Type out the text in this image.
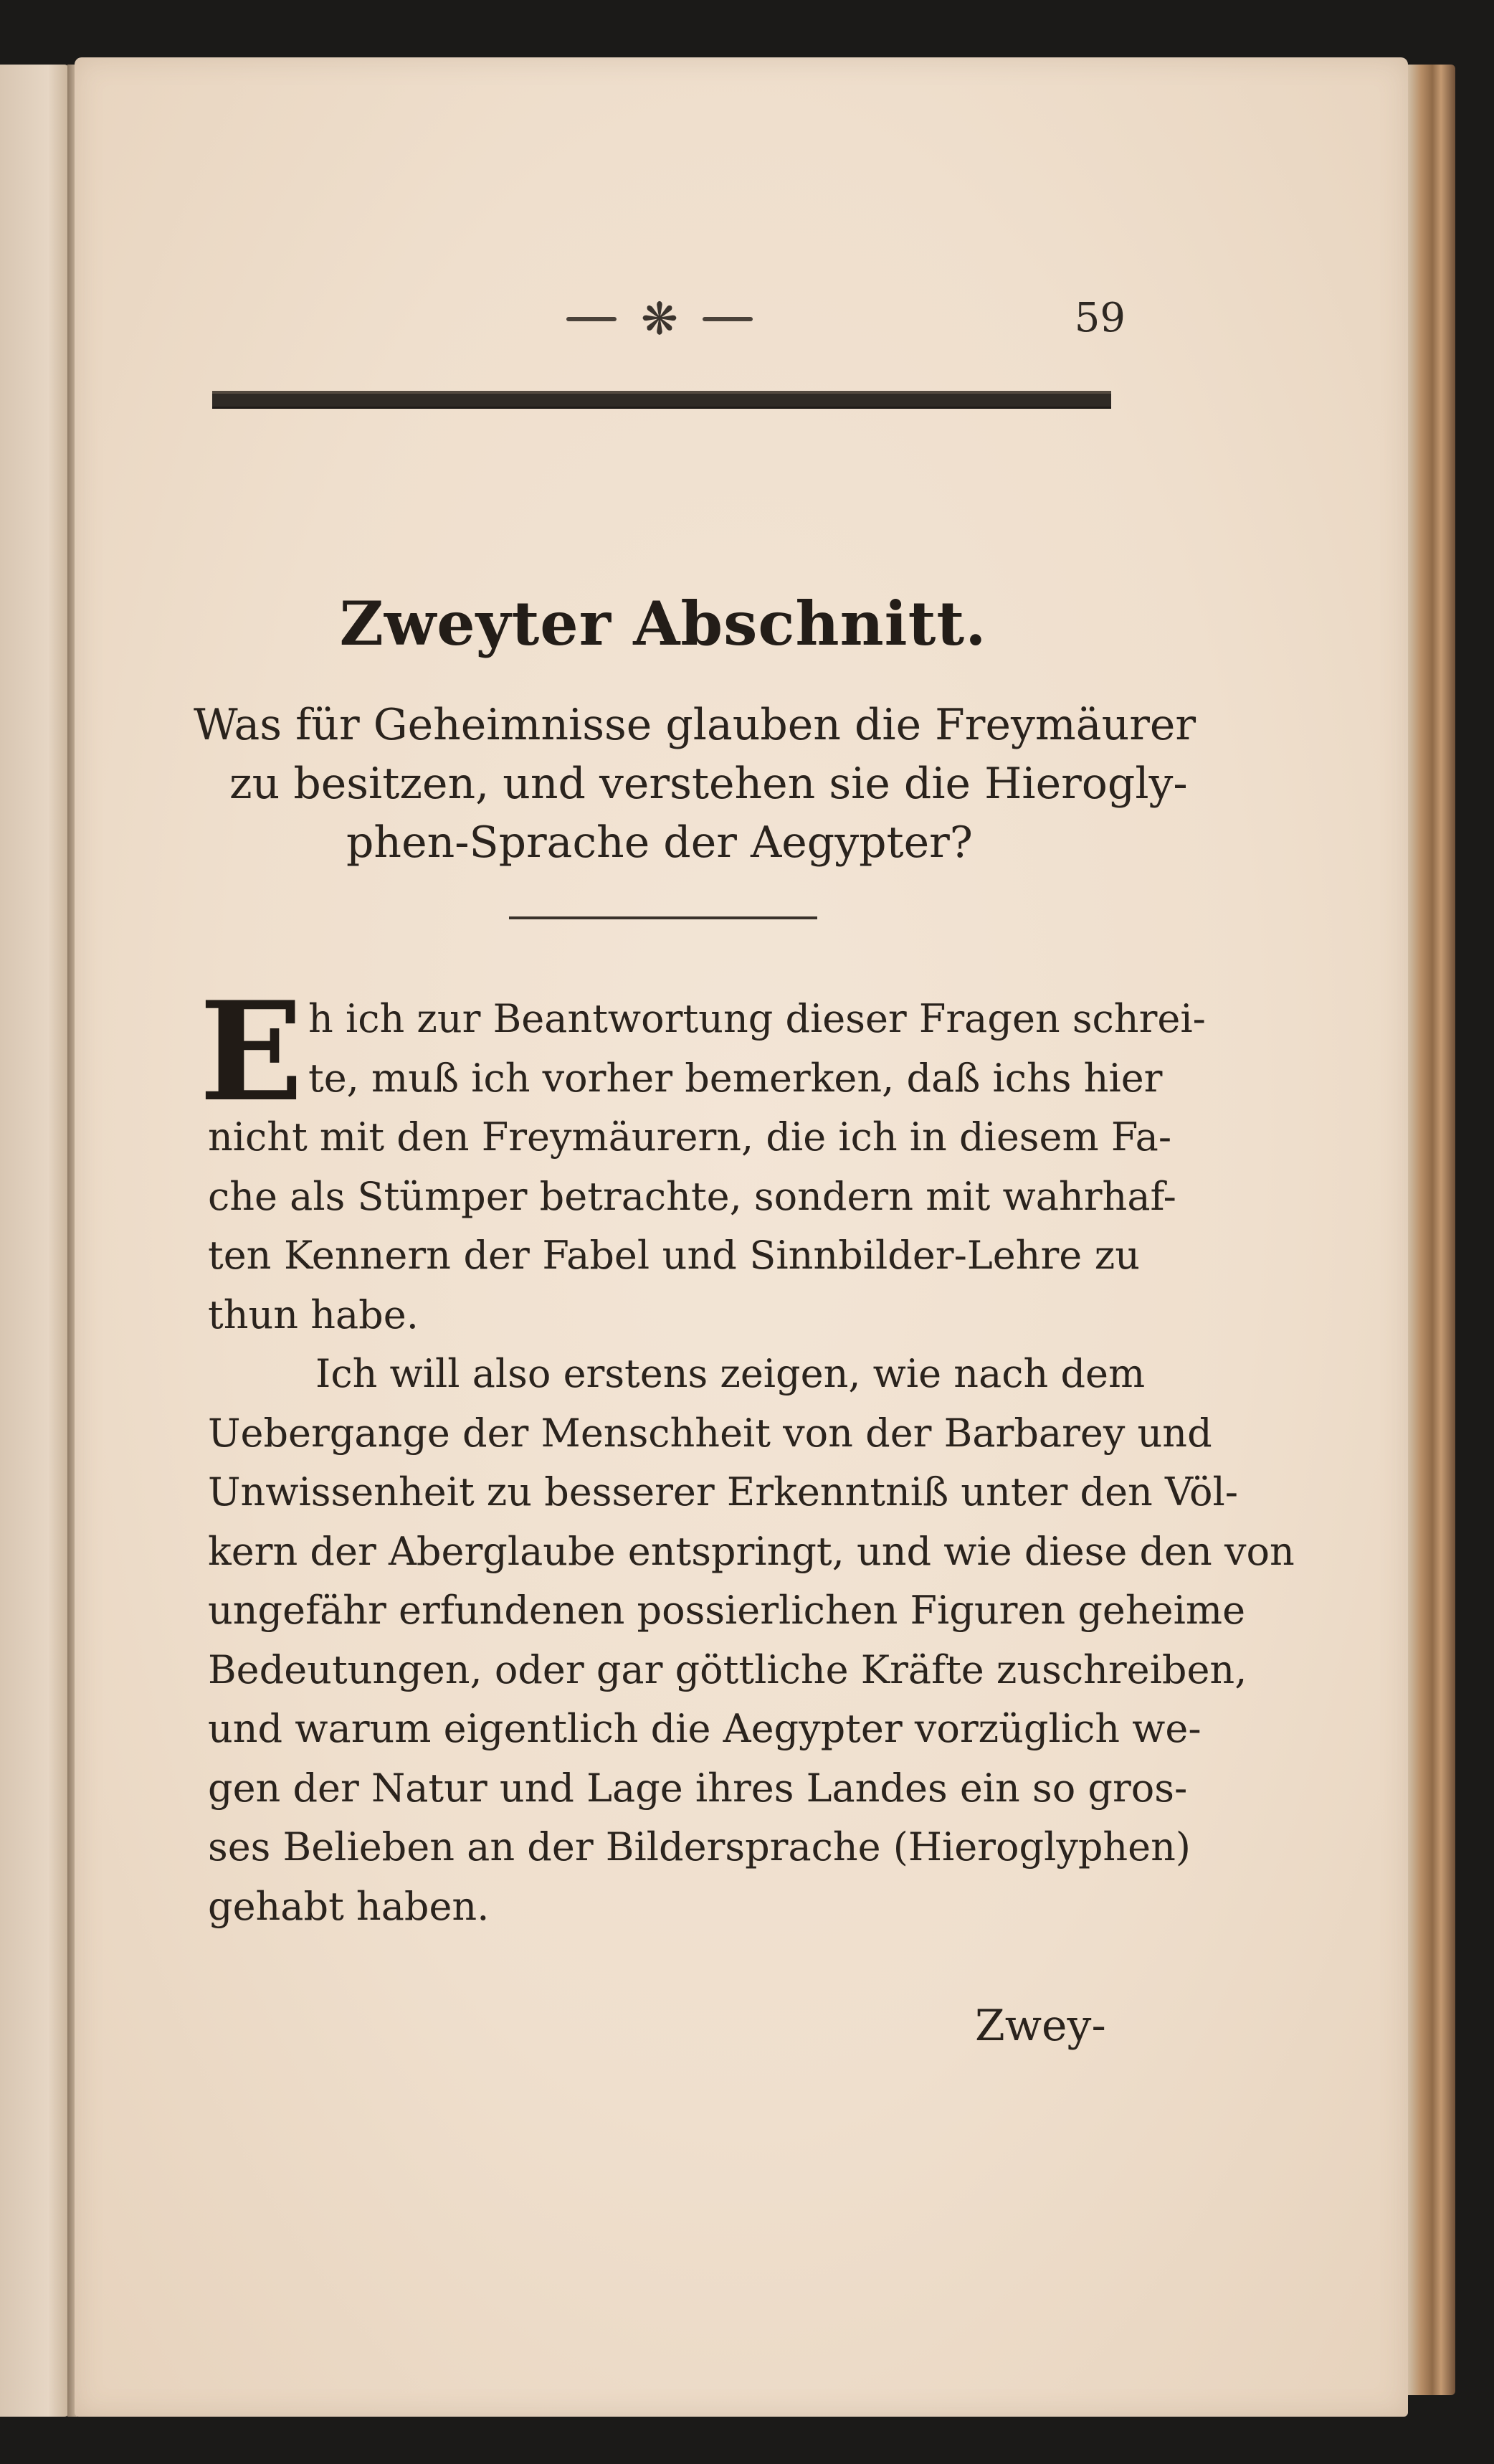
❋	59
Zweyter Abschnitt.
Was für Geheimnisse glauben die Freymäurer
zu besitzen, und verstehen sie die Hierogly-
phen-Sprache der Aegypter?
E h ich zur Beantwortung dieser Fragen schrei-
te, muß ich vorher bemerken, daß ichs hier
nicht mit den Freymäurern, die ich in diesem Fa-
che als Stümper betrachte, sondern mit wahrhaf-
ten Kennern der Fabel und Sinnbilder-Lehre zu
thun habe.
Ich will also erstens zeigen, wie nach dem
Uebergange der Menschheit von der Barbarey und
Unwissenheit zu besserer Erkenntniß unter den Völ-
kern der Aberglaube entspringt, und wie diese den von
ungefähr erfundenen possierlichen Figuren geheime
Bedeutungen, oder gar göttliche Kräfte zuschreiben,
und warum eigentlich die Aegypter vorzüglich we-
gen der Natur und Lage ihres Landes ein so gros-
ses Belieben an der Bildersprache (Hieroglyphen)
gehabt haben.
Zwey-
